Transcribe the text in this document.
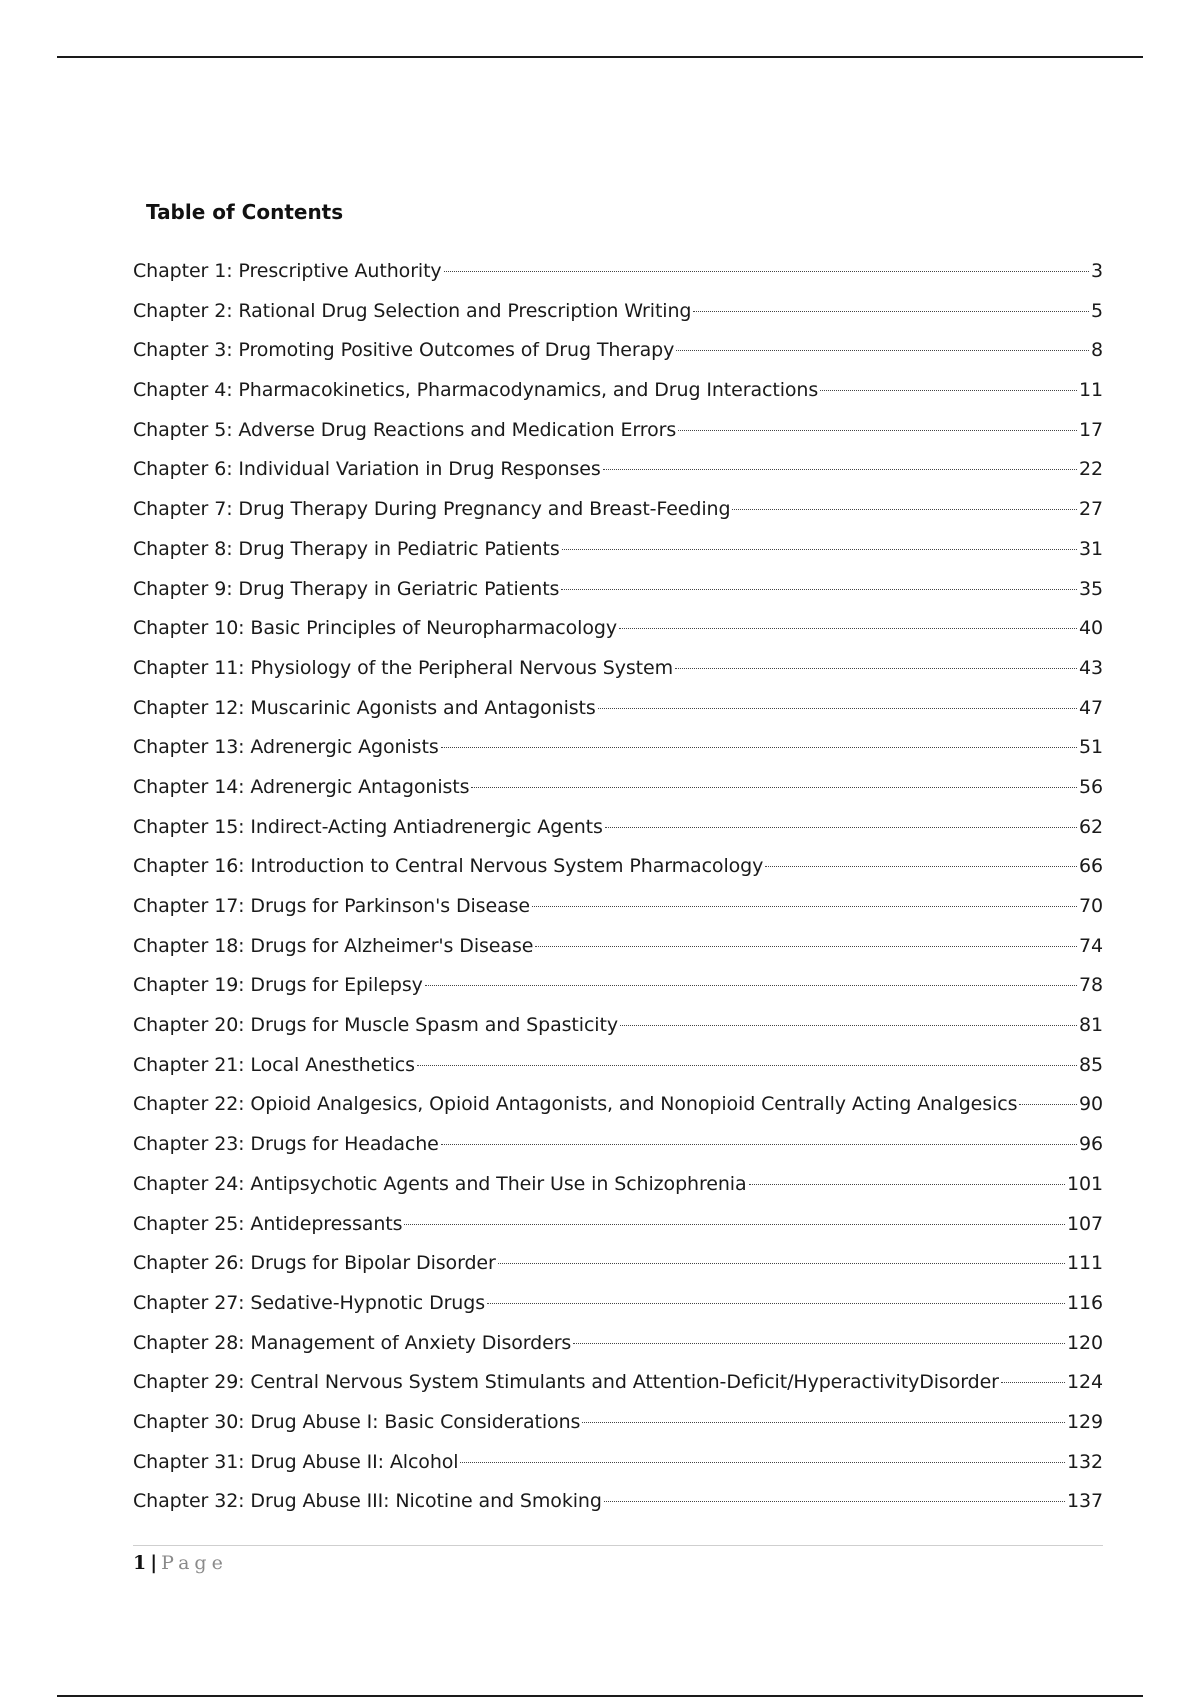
Table of Contents
Chapter 1: Prescriptive Authority	3
Chapter 2: Rational Drug Selection and Prescription Writing	5
Chapter 3: Promoting Positive Outcomes of Drug Therapy	8
Chapter 4: Pharmacokinetics, Pharmacodynamics, and Drug Interactions	11
Chapter 5: Adverse Drug Reactions and Medication Errors	17
Chapter 6: Individual Variation in Drug Responses	22
Chapter 7: Drug Therapy During Pregnancy and Breast-Feeding	27
Chapter 8: Drug Therapy in Pediatric Patients	31
Chapter 9: Drug Therapy in Geriatric Patients	35
Chapter 10: Basic Principles of Neuropharmacology	40
Chapter 11: Physiology of the Peripheral Nervous System	43
Chapter 12: Muscarinic Agonists and Antagonists	47
Chapter 13: Adrenergic Agonists	51
Chapter 14: Adrenergic Antagonists	56
Chapter 15: Indirect-Acting Antiadrenergic Agents	62
Chapter 16: Introduction to Central Nervous System Pharmacology	66
Chapter 17: Drugs for Parkinson's Disease	70
Chapter 18: Drugs for Alzheimer's Disease	74
Chapter 19: Drugs for Epilepsy	78
Chapter 20: Drugs for Muscle Spasm and Spasticity	81
Chapter 21: Local Anesthetics	85
Chapter 22: Opioid Analgesics, Opioid Antagonists, and Nonopioid Centrally Acting Analgesics	90
Chapter 23: Drugs for Headache	96
Chapter 24: Antipsychotic Agents and Their Use in Schizophrenia	101
Chapter 25: Antidepressants	107
Chapter 26: Drugs for Bipolar Disorder	111
Chapter 27: Sedative-Hypnotic Drugs	116
Chapter 28: Management of Anxiety Disorders	120
Chapter 29: Central Nervous System Stimulants and Attention-Deficit/HyperactivityDisorder	124
Chapter 30: Drug Abuse I: Basic Considerations	129
Chapter 31: Drug Abuse II: Alcohol	132
Chapter 32: Drug Abuse III: Nicotine and Smoking	137
1 | Page
